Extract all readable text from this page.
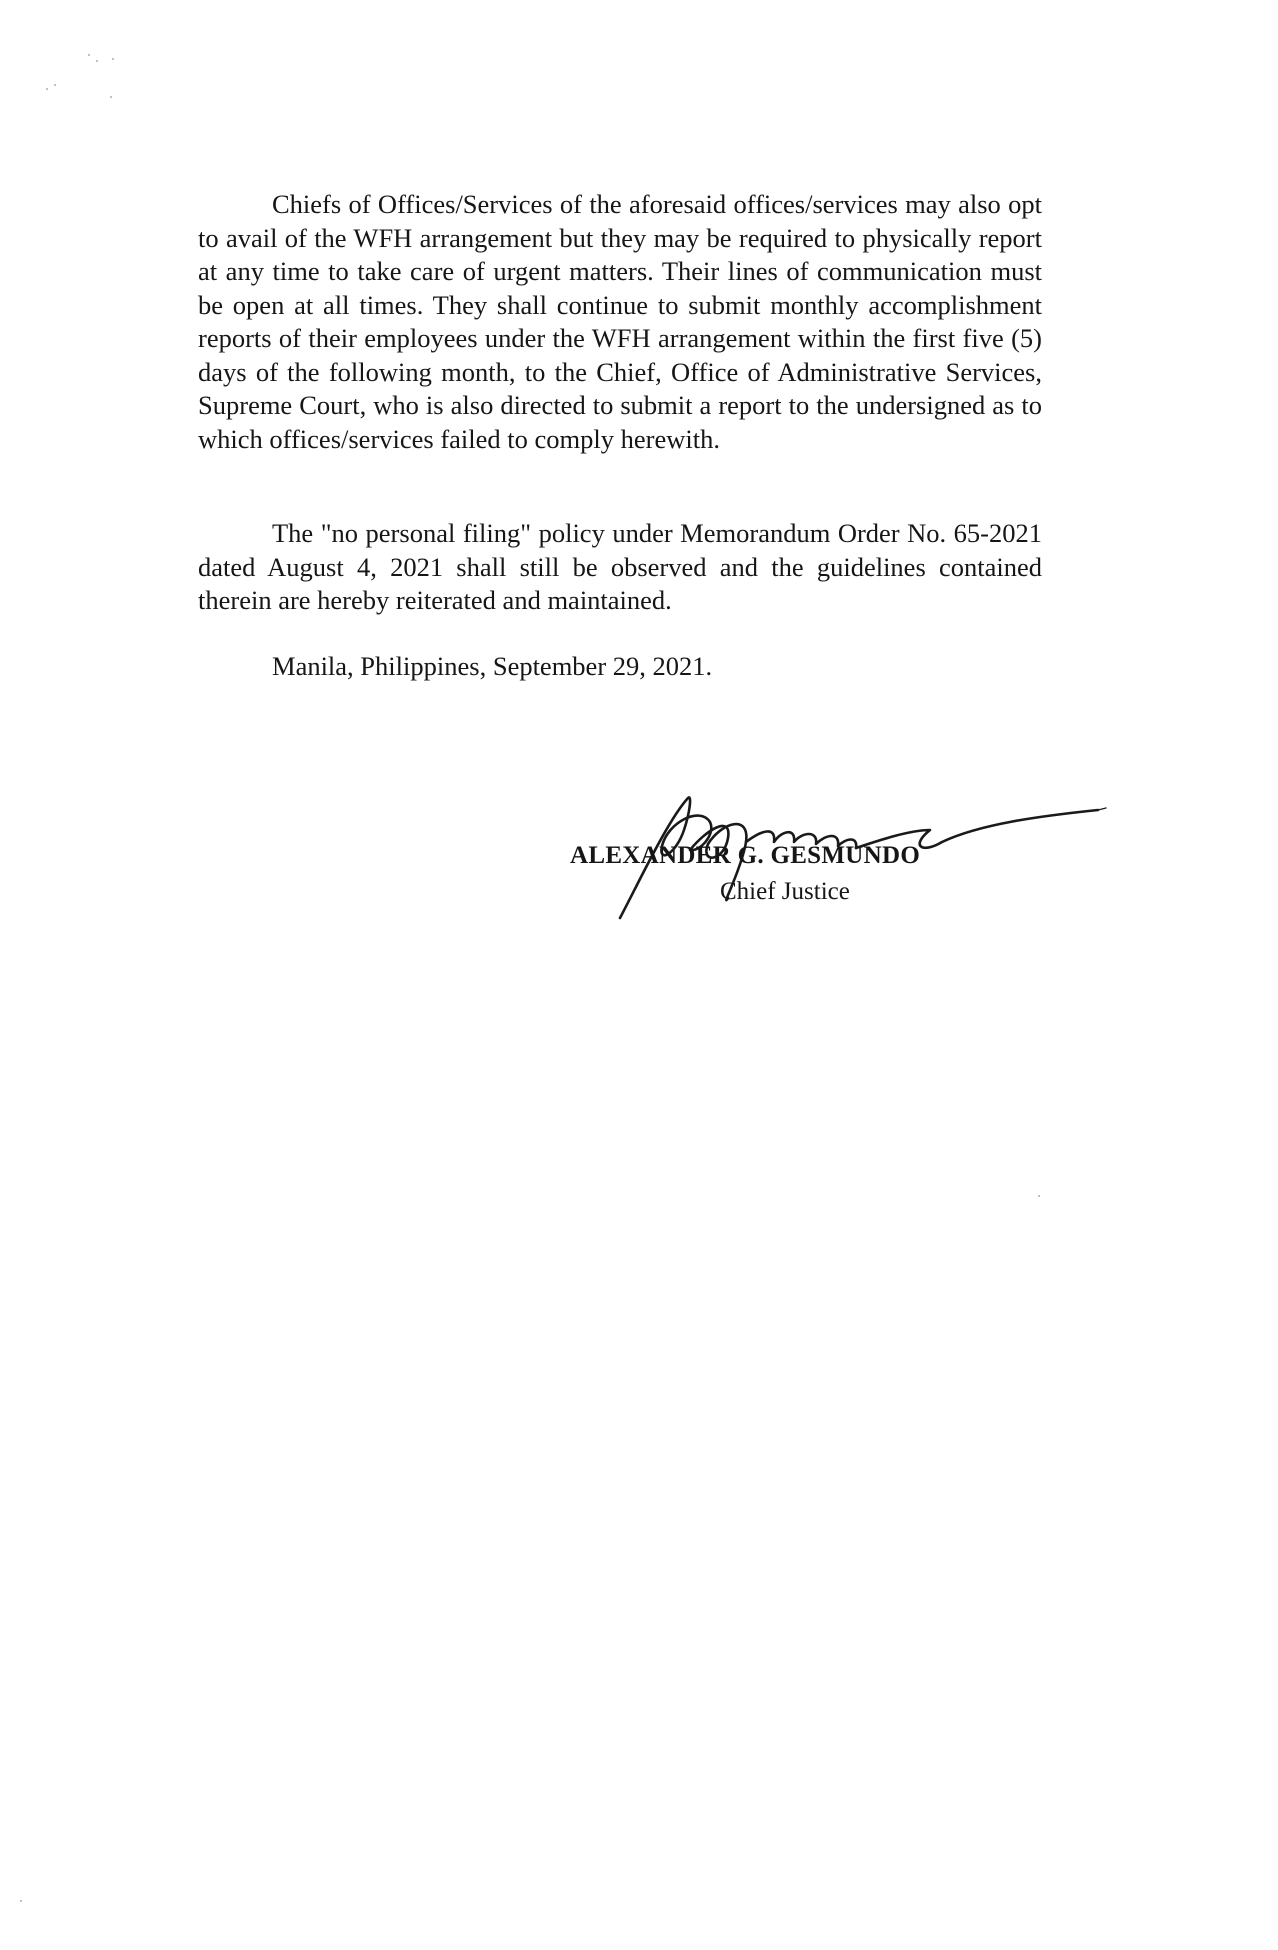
Chiefs of Offices/Services of the aforesaid offices/services may also opt to avail of the WFH arrangement but they may be required to physically report at any time to take care of urgent matters. Their lines of communication must be open at all times. They shall continue to submit monthly accomplishment reports of their employees under the WFH arrangement within the first five (5) days of the following month, to the Chief, Office of Administrative Services, Supreme Court, who is also directed to submit a report to the undersigned as to which offices/services failed to comply herewith.

The "no personal filing" policy under Memorandum Order No. 65-2021 dated August 4, 2021 shall still be observed and the guidelines contained therein are hereby reiterated and maintained.

Manila, Philippines, September 29, 2021.

ALEXANDER G. GESMUNDO

Chief Justice
